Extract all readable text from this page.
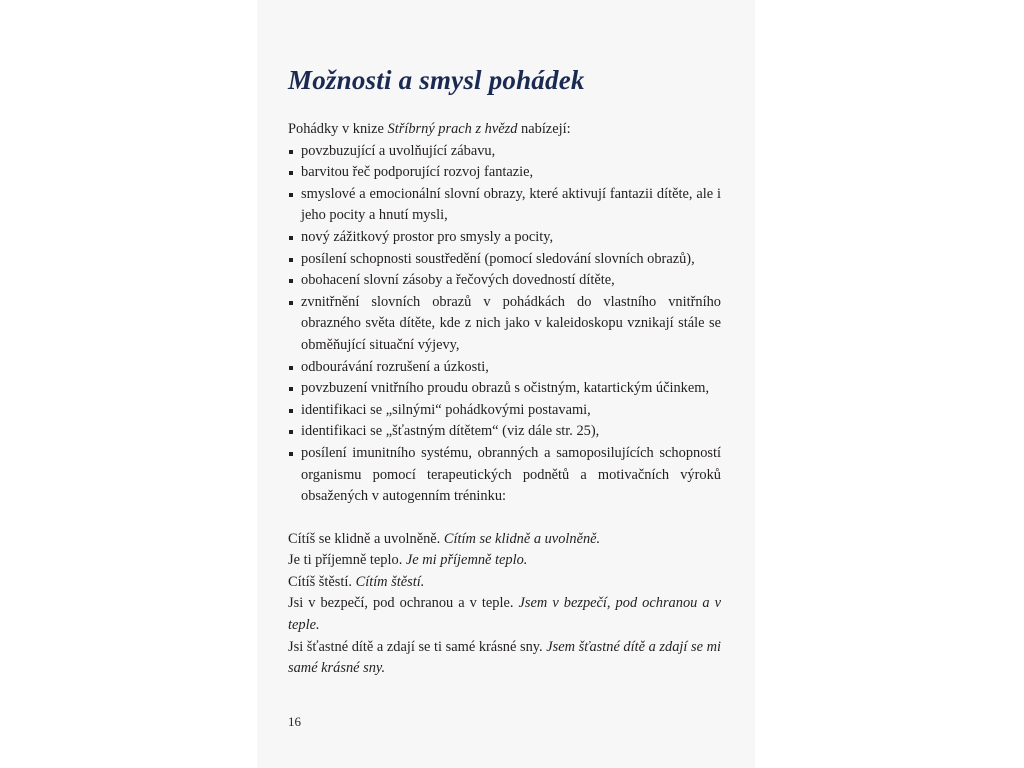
Možnosti a smysl pohádek
Pohádky v knize Stříbrný prach z hvězd nabízejí:
povzbuzující a uvolňující zábavu,
barvitou řeč podporující rozvoj fantazie,
smyslové a emocionální slovní obrazy, které aktivují fantazii dítěte, ale i jeho pocity a hnutí mysli,
nový zážitkový prostor pro smysly a pocity,
posílení schopnosti soustředění (pomocí sledování slovních obrazů),
obohacení slovní zásoby a řečových dovedností dítěte,
zvnitřnění slovních obrazů v pohádkách do vlastního vnitřního obrazného světa dítěte, kde z nich jako v kaleidoskopu vznikají stále se obměňující situační výjevy,
odbourávání rozrušení a úzkosti,
povzbuzení vnitřního proudu obrazů s očistným, katartickým účinkem,
identifikaci se „silnými“ pohádkovými postavami,
identifikaci se „šťastným dítětem“ (viz dále str. 25),
posílení imunitního systému, obranných a samoposilujících schopností organismu pomocí terapeutických podnětů a motivačních výroků obsažených v autogenním tréninku:

Cítíš se klidně a uvolněně. Cítím se klidně a uvolněně.

Je ti příjemně teplo. Je mi příjemně teplo.

Cítíš štěstí. Cítím štěstí.

Jsi v bezpečí, pod ochranou a v teple. Jsem v bezpečí, pod ochranou a v teple.

Jsi šťastné dítě a zdají se ti samé krásné sny. Jsem šťastné dítě a zdají se mi samé krásné sny.

16
